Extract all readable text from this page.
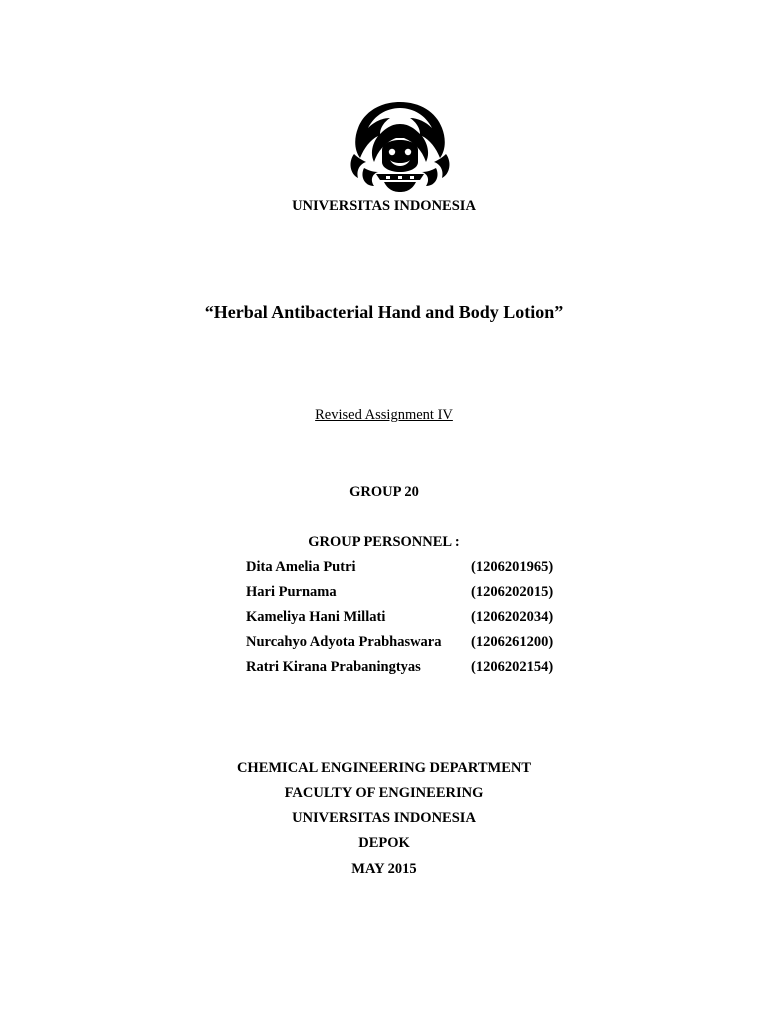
UNIVERSITAS INDONESIA
“Herbal Antibacterial Hand and Body Lotion”
Revised Assignment IV
GROUP 20
GROUP PERSONNEL :
Dita Amelia Putri	(1206201965)
Hari Purnama	(1206202015)
Kameliya Hani Millati	(1206202034)
Nurcahyo Adyota Prabhaswara (1206261200)
Ratri Kirana Prabaningtyas	(1206202154)
CHEMICAL ENGINEERING DEPARTMENT
FACULTY OF ENGINEERING
UNIVERSITAS INDONESIA
DEPOK
MAY 2015
